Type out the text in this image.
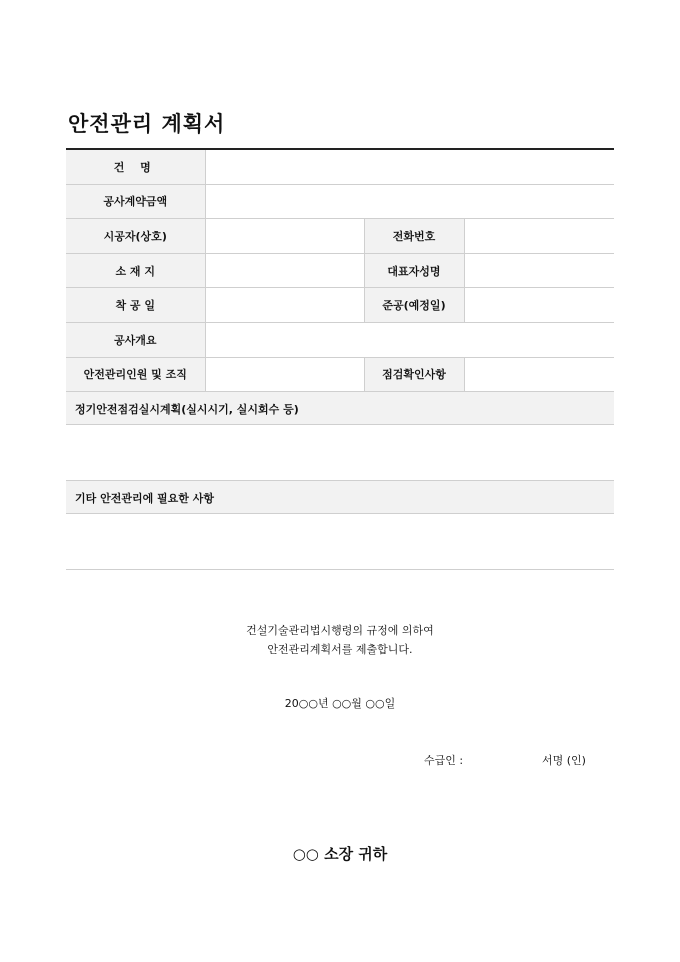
안전관리 계획서
건 명			
공사계약금액			
시공자(상호)		전화번호	
소 재 지		대표자성명	
착 공 일		준공(예정일)	
공사개요			
안전관리인원 및 조직		점검확인사항	
정기안전점검실시계획(실시시기, 실시회수 등)
기타 안전관리에 필요한 사항
건설기술관리법시행령의 규정에 의하여
안전관리계획서를 제출합니다.
20○○년 ○○월 ○○일
수급인 :	서명 (인)
○○ 소장 귀하
